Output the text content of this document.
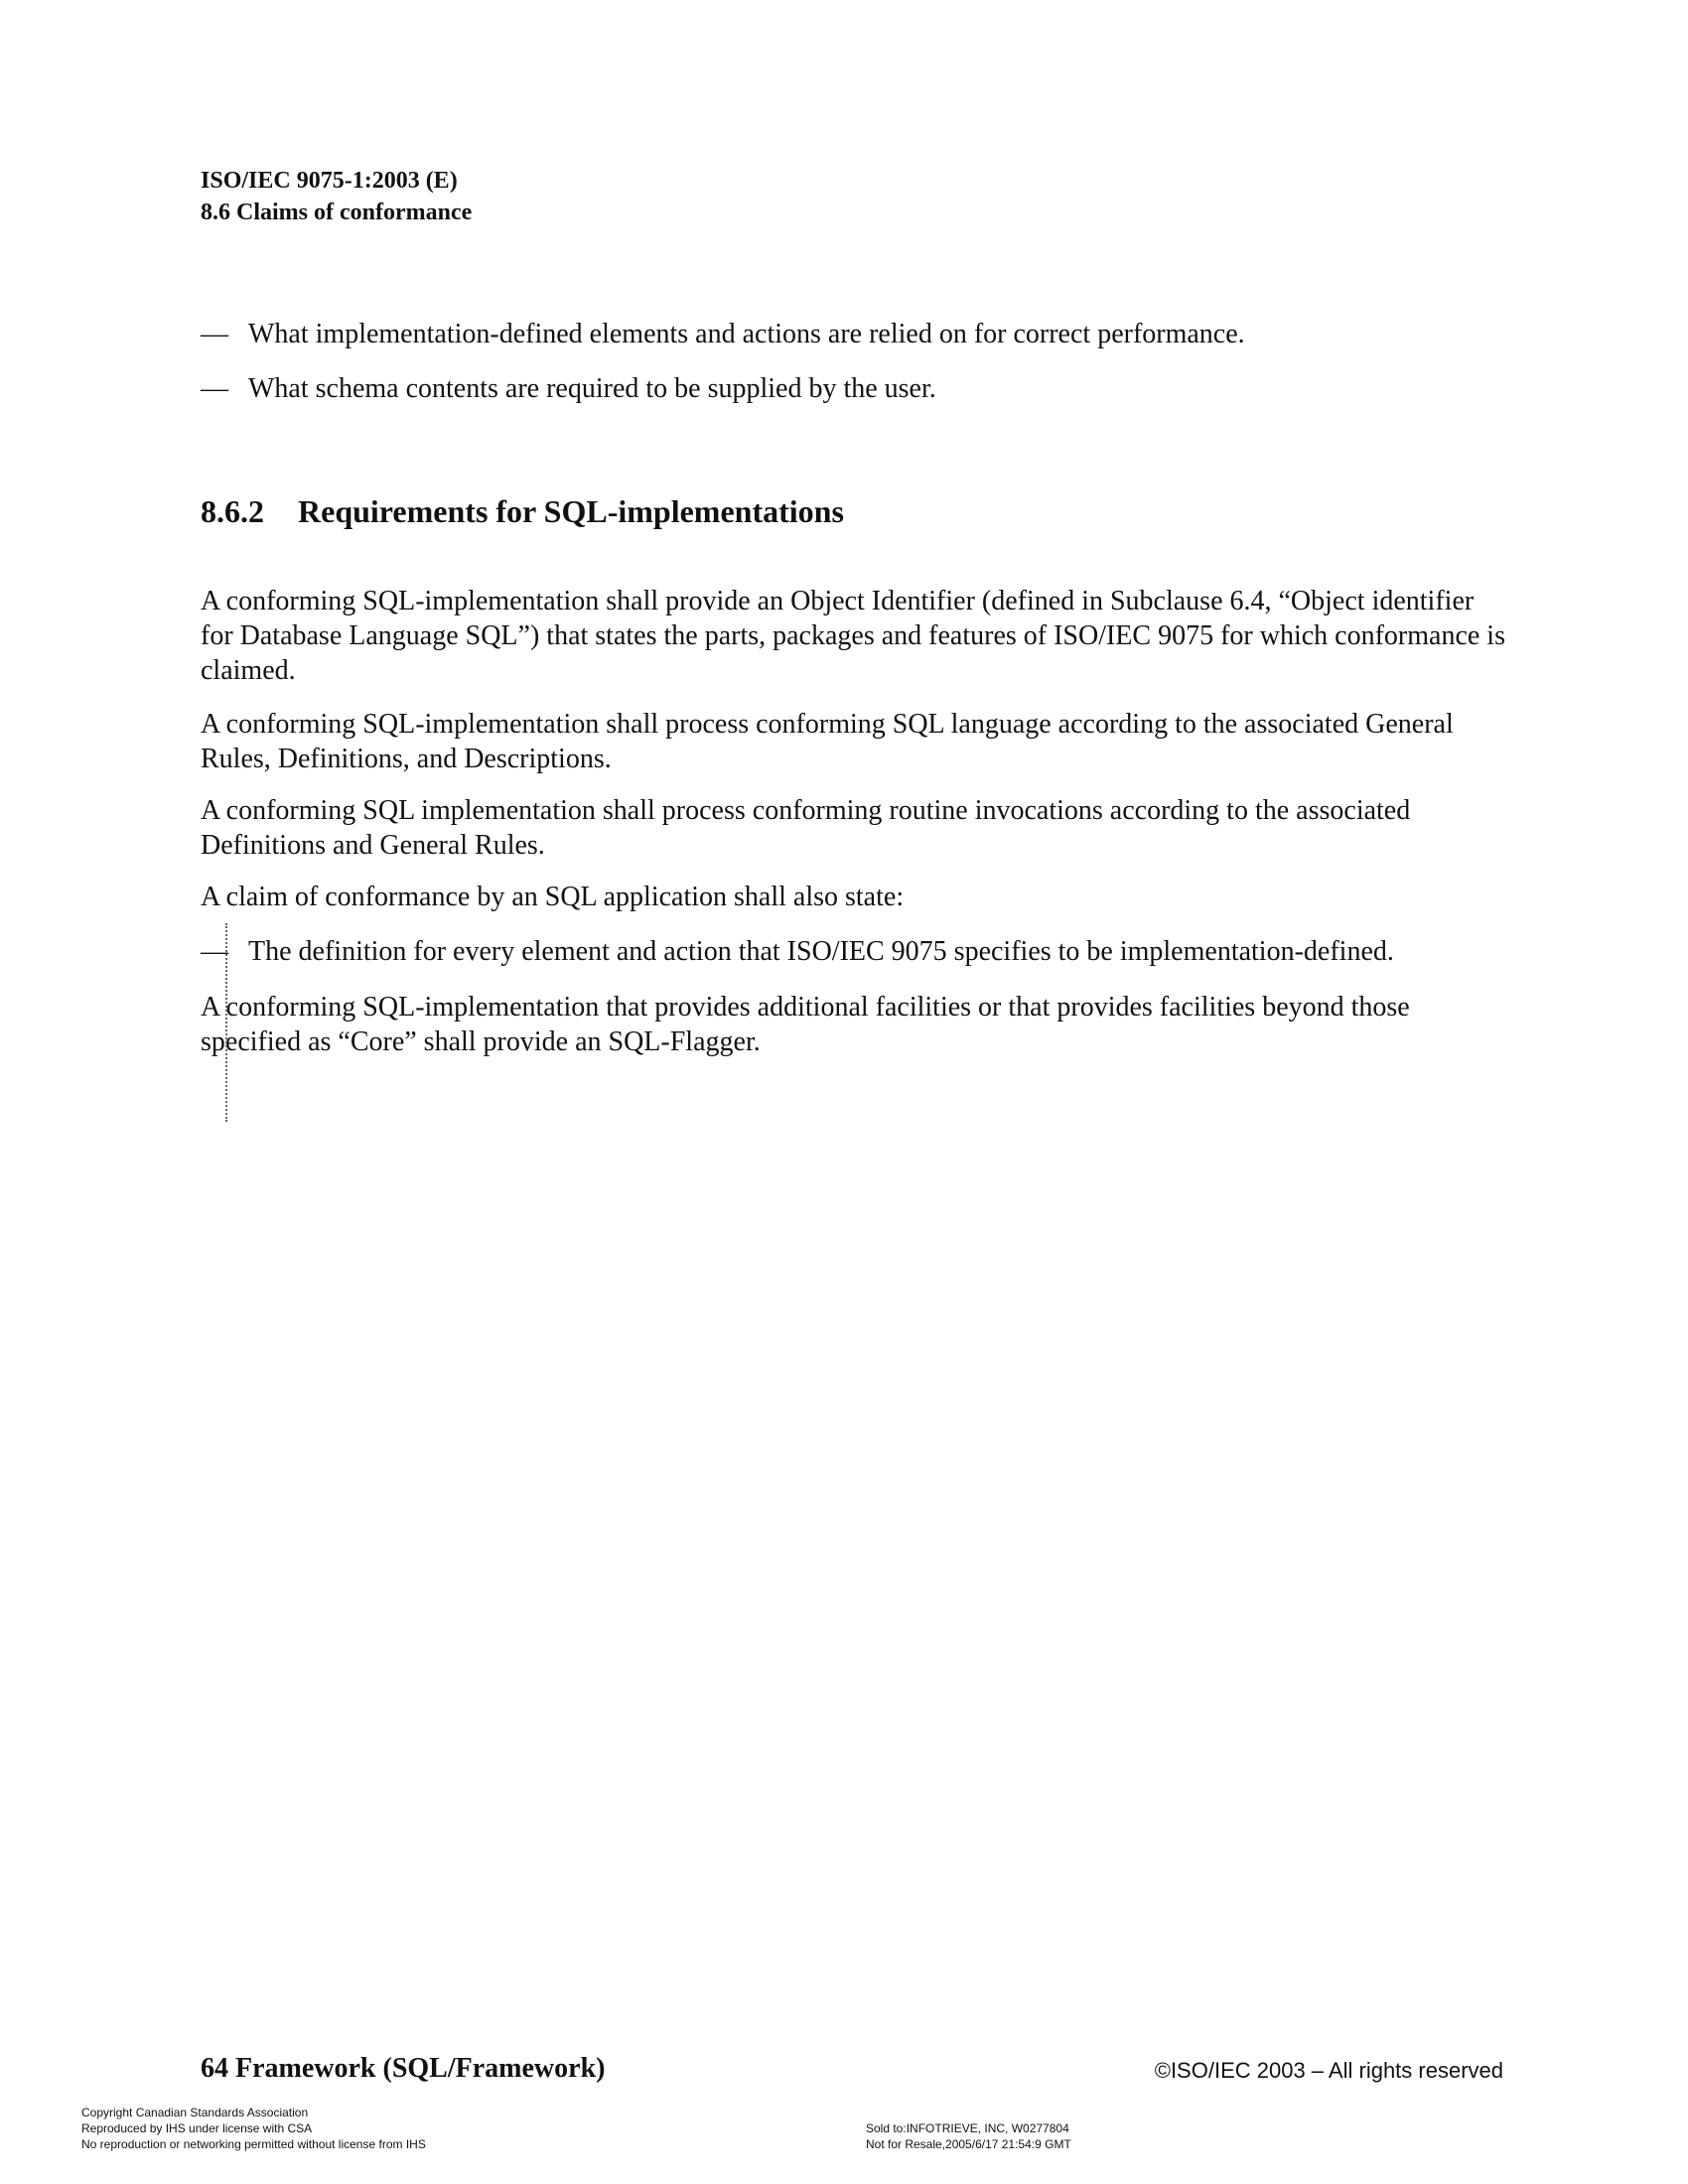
ISO/IEC 9075-1:2003 (E)
8.6 Claims of conformance
— What implementation-defined elements and actions are relied on for correct performance.
— What schema contents are required to be supplied by the user.
8.6.2 Requirements for SQL-implementations
A conforming SQL-implementation shall provide an Object Identifier (defined in Subclause 6.4, “Object identifier for Database Language SQL”) that states the parts, packages and features of ISO/IEC 9075 for which conformance is claimed.
A conforming SQL-implementation shall process conforming SQL language according to the associated General Rules, Definitions, and Descriptions.
A conforming SQL implementation shall process conforming routine invocations according to the associated Definitions and General Rules.
A claim of conformance by an SQL application shall also state:
— The definition for every element and action that ISO/IEC 9075 specifies to be implementation-defined.
A conforming SQL-implementation that provides additional facilities or that provides facilities beyond those specified as “Core” shall provide an SQL-Flagger.
64 Framework (SQL/Framework)	©ISO/IEC 2003 – All rights reserved
Copyright Canadian Standards Association
Reproduced by IHS under license with CSA
No reproduction or networking permitted without license from IHS
Sold to:INFOTRIEVE, INC, W0277804
Not for Resale,2005/6/17 21:54:9 GMT
